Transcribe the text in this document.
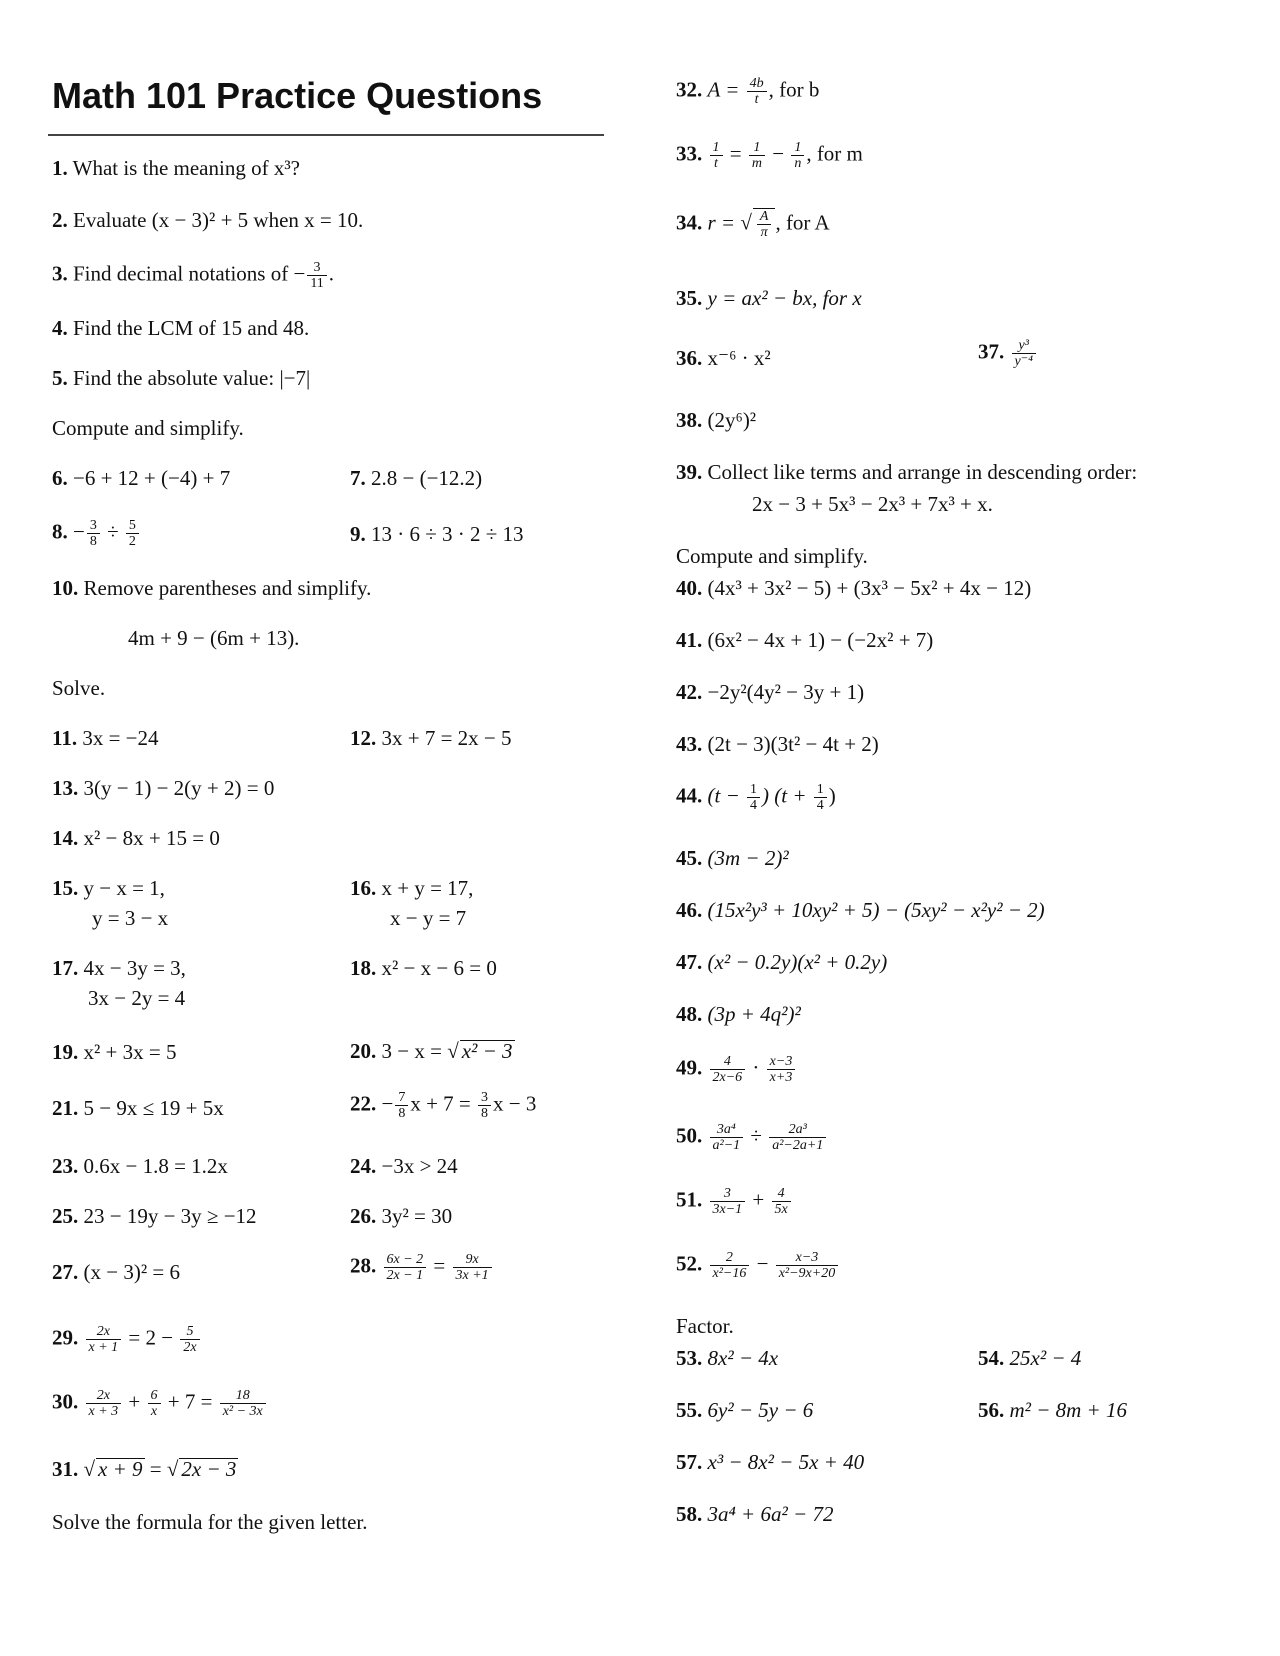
Math 101 Practice Questions
1. What is the meaning of x³?
2. Evaluate (x − 3)² + 5 when x = 10.
3. Find decimal notations of − $\frac{3}{11}$ .
4. Find the LCM of 15 and 48.
5. Find the absolute value: |−7|
Compute and simplify.
6. −6 + 12 + (−4) + 7	7. 2.8 − (−12.2)
8. − $\frac{3}{8} \div \frac{5}{2}$	9. 13 · 6 ÷ 3 · 2 ÷ 13
10. Remove parentheses and simplify.
4m + 9 − (6m + 13).
Solve.
11. 3x = −24	12. 3x + 7 = 2x − 5
13. 3(y − 1) − 2(y + 2) = 0
14. x² − 8x + 15 = 0
15. y − x = 1,
y = 3 − x
16. x + y = 17,
x − y = 7
17. 4x − 3y = 3,
3x − 2y = 4
18. x² − x − 6 = 0
19. x² + 3x = 5	20. 3 − x = √ x² − 3
21. 5 − 9x ≤ 19 + 5x	22. − $\frac{7}{8}$ $x + 7 = \frac{3}{8}$ x − 3
23. 0.6x − 1.8 = 1.2x	24. −3x > 24
25. 23 − 19y − 3y ≥ −12	26. 3y² = 30
27. (x − 3)² = 6	28. $\frac{6x - 2}{2x - 1} = \frac{9x}{3x +1}$
29. $\frac{2x}{x + 1} = 2 - \frac{5}{2x}$
30. $\frac{2x}{x + 3} + \frac{6}{x} + 7 = \frac{18}{\text{x² − 3x}}$
31. √ x + 9 = √ 2x − 3
Solve the formula for the given letter.
32. $A = \frac{4b}{t}$ , for b
33. $\frac{1}{t} = \frac{1}{m} - \frac{1}{n}$ , for m
34. r = √ $\frac{A}{\pi}$ , for A
35. y = ax² − bx, for x
36. x⁻⁶ · x²	37. $\frac{\text{y³}}{\text{y⁻⁴}}$
38. (2y⁶)²
39. Collect like terms and arrange in descending order:
2x − 3 + 5x³ − 2x³ + 7x³ + x.
Compute and simplify.
40. (4x³ + 3x² − 5) + (3x³ − 5x² + 4x − 12)
41. (6x² − 4x + 1) − (−2x² + 7)
42. −2y²(4y² − 3y + 1)
43. (2t − 3)(3t² − 4t + 2)
44. ($t - \frac{1}{4}$ ) ($t + \frac{1}{4}$ )
45. (3m − 2)²
46. (15x²y³ + 10xy² + 5) − (5xy² − x²y² − 2)
47. (x² − 0.2y)(x² + 0.2y)
48. (3p + 4q²)²
49. $\frac{4}{2x-6} \cdot \frac{x-3}{x+3}$
50. $\frac{\text{3a⁴}}{\text{a²−1}} \div \frac{\text{2a³}}{\text{a²−2a+1}}$
51. $\frac{3}{3x-1} + \frac{4}{5x}$
52. $\frac{2}{\text{x²−16}} - \frac{x-3}{\text{x²−9x+20}}$
Factor.
53. 8x² − 4x	54. 25x² − 4
55. 6y² − 5y − 6	56. m² − 8m + 16
57. x³ − 8x² − 5x + 40
58. 3a⁴ + 6a² − 72
